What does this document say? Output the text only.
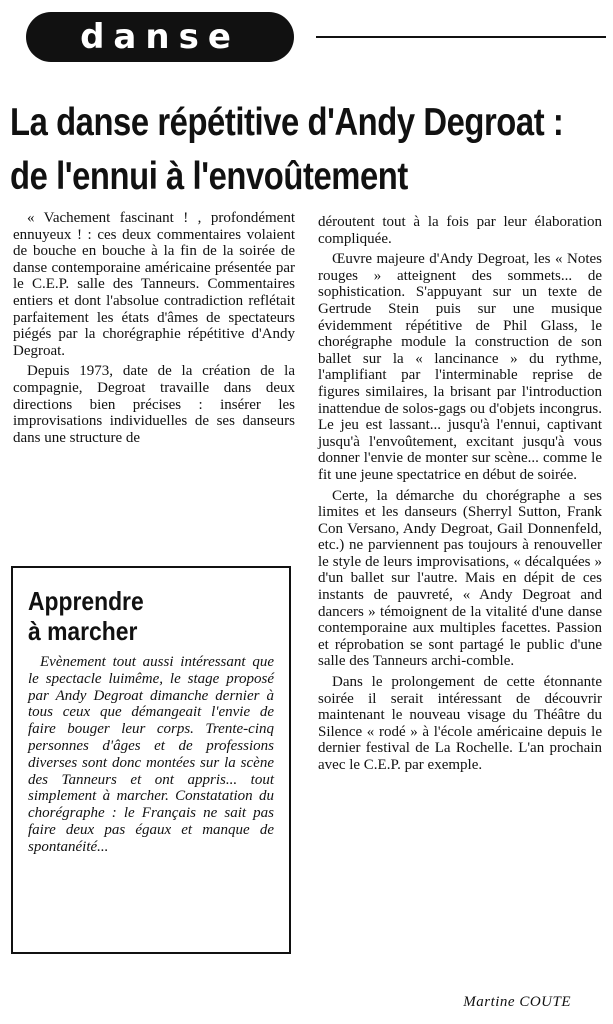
danse
La danse répétitive d'Andy Degroat :
de l'ennui à l'envoûtement

« Vachement fascinant ! , profondément ennuyeux ! : ces deux commentaires volaient de bouche en bouche à la fin de la soirée de danse contemporaine américaine présentée par le C.E.P. salle des Tanneurs. Commentaires entiers et dont l'absolue contradiction reflétait parfaitement les états d'âmes de spectateurs piégés par la chorégraphie répétitive d'Andy Degroat.

Depuis 1973, date de la création de la compagnie, Degroat travaille dans deux directions bien précises : insérer les improvisations individuelles de ses danseurs dans une structure de

Apprendre
à marcher

Evènement tout aussi intéressant que le spectacle luimême, le stage proposé par Andy Degroat dimanche dernier à tous ceux que démangeait l'envie de faire bouger leur corps. Trente-cinq personnes d'âges et de professions diverses sont donc montées sur la scène des Tanneurs et ont appris... tout simplement à marcher. Constatation du chorégraphe : le Français ne sait pas faire deux pas égaux et manque de spontanéité...

déroutent tout à la fois par leur élaboration compliquée.

Œuvre majeure d'Andy Degroat, les « Notes rouges » atteignent des sommets... de sophistication. S'appuyant sur un texte de Gertrude Stein puis sur une musique évidemment répétitive de Phil Glass, le chorégraphe module la construction de son ballet sur la « lancinance » du rythme, l'amplifiant par l'interminable reprise de figures similaires, la brisant par l'introduction inattendue de solos-gags ou d'objets incongrus. Le jeu est lassant... jusqu'à l'ennui, captivant jusqu'à l'envoûtement, excitant jusqu'à vous donner l'envie de monter sur scène... comme le fit une jeune spectatrice en début de soirée.

Certe, la démarche du chorégraphe a ses limites et les danseurs (Sherryl Sutton, Frank Con Versano, Andy Degroat, Gail Donnenfeld, etc.) ne parviennent pas toujours à renouveller le style de leurs improvisations, « décalquées » d'un ballet sur l'autre. Mais en dépit de ces instants de pauvreté, « Andy Degroat and dancers » témoignent de la vitalité d'une danse contemporaine aux multiples facettes. Passion et réprobation se sont partagé le public d'une salle des Tanneurs archi-comble.

Dans le prolongement de cette étonnante soirée il serait intéressant de découvrir maintenant le nouveau visage du Théâtre du Silence « rodé » à l'école américaine depuis le dernier festival de La Rochelle. L'an prochain avec le C.E.P. par exemple.

Martine COUTE
